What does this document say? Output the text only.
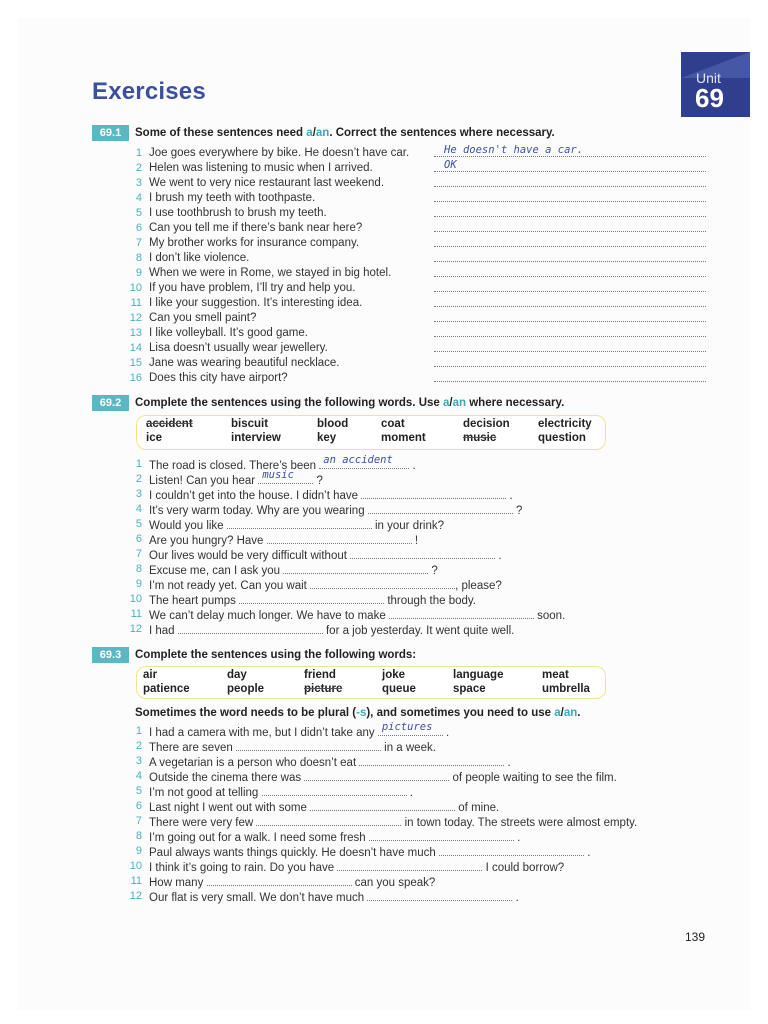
Exercises	Unit
69
69.1	Some of these sentences need a/an. Correct the sentences where necessary.
1 Joe goes everywhere by bike. He doesn’t have car.	He doesn't have a car.
2 Helen was listening to music when I arrived.	OK
3 We went to very nice restaurant last weekend.
4 I brush my teeth with toothpaste.
5 I use toothbrush to brush my teeth.
6 Can you tell me if there’s bank near here?
7 My brother works for insurance company.
8 I don’t like violence.
9 When we were in Rome, we stayed in big hotel.
10 If you have problem, I’ll try and help you.
11 I like your suggestion. It’s interesting idea.
12 Can you smell paint?
13 I like volleyball. It’s good game.
14 Lisa doesn’t usually wear jewellery.
15 Jane was wearing beautiful necklace.
16 Does this city have airport?
69.2	Complete the sentences using the following words. Use a/an where necessary.
accident	biscuit	blood	coat	decision electricity
ice	interview	key	moment	music	question
1 The road is closed. There’s been an accident .
2 Listen! Can you hear music ?
3 I couldn’t get into the house. I didn’t have	.
4 It’s very warm today. Why are you wearing	?
5 Would you like	in your drink?
6 Are you hungry? Have	!
7 Our lives would be very difficult without	.
8 Excuse me, can I ask you	?
9 I’m not ready yet. Can you wait	, please?
10 The heart pumps	through the body.
11 We can’t delay much longer. We have to make	soon.
12 I had	for a job yesterday. It went quite well.
69.3	Complete the sentences using the following words:
air	day	friend	joke	language	meat
patience	people	picture	queue	space	umbrella
Sometimes the word needs to be plural (-s), and sometimes you need to use a/an.
1 I had a camera with me, but I didn’t take any pictures .
2 There are seven	in a week.
3 A vegetarian is a person who doesn’t eat	.
4 Outside the cinema there was	of people waiting to see the film.
5 I’m not good at telling	.
6 Last night I went out with some	of mine.
7 There were very few	in town today. The streets were almost empty.
8 I’m going out for a walk. I need some fresh	.
9 Paul always wants things quickly. He doesn’t have much	.
10 I think it’s going to rain. Do you have	I could borrow?
11 How many	can you speak?
12 Our flat is very small. We don’t have much	.
139
